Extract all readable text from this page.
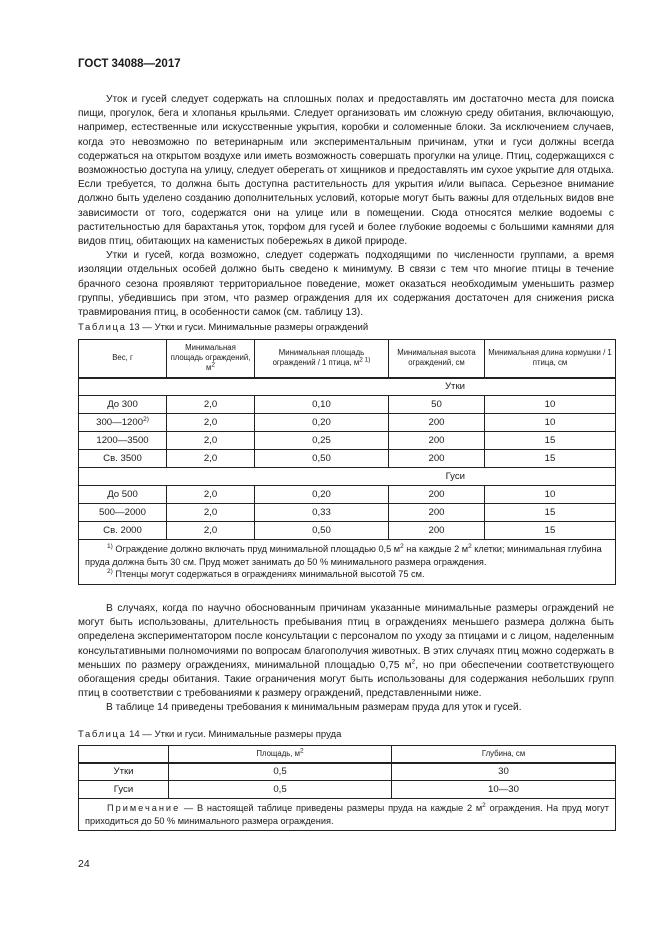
ГОСТ 34088—2017

Уток и гусей следует содержать на сплошных полах и предоставлять им достаточно места для поиска пищи, прогулок, бега и хлопанья крыльями. Следует организовать им сложную среду обитания, включающую, например, естественные или искусственные укрытия, коробки и соломенные блоки. За исключением случаев, когда это невозможно по ветеринарным или экспериментальным причинам, утки и гуси должны всегда содержаться на открытом воздухе или иметь возможность совершать прогулки на улице. Птиц, содержащихся с возможностью доступа на улицу, следует оберегать от хищников и предоставлять им сухое укрытие для отдыха. Если требуется, то должна быть доступна растительность для укрытия и/или выпаса. Серьезное внимание должно быть уделено созданию дополнительных условий, которые могут быть важны для отдельных видов вне зависимости от того, содержатся они на улице или в помещении. Сюда относятся мелкие водоемы с растительностью для барахтанья уток, торфом для гусей и более глубокие водоемы с большими камнями для видов птиц, обитающих на каменистых побережьях в дикой природе.

Утки и гусей, когда возможно, следует содержать подходящими по численности группами, а время изоляции отдельных особей должно быть сведено к минимуму. В связи с тем что многие птицы в течение брачного сезона проявляют территориальное поведение, может оказаться необходимым уменьшить размер группы, убедившись при этом, что размер ограждения для их содержания достаточен для снижения риска травмирования птиц, в особенности самок (см. таблицу 13).

Таблица 13 — Утки и гуси. Минимальные размеры ограждений
Вес, г	Минимальная площадь ограждений, $м^2$	Минимальная площадь ограждений / 1 птица, $м^{2 1)}$	Минимальная высота ограждений, см	Минимальная длина кормушки / 1 птица, см
Утки				
До 300	2,0	0,10	50	10
300—1200$^{2)}$	2,0	0,20	200	10
1200—3500	2,0	0,25	200	15
Св. 3500	2,0	0,50	200	15
Гуси				
До 500	2,0	0,20	200	10
500—2000	2,0	0,33	200	15
Св. 2000	2,0	0,50	200	15

$^{1)}$ Ограждение должно включать пруд минимальной площадью 0,5 $м^2$ на каждые 2 $м^2$ клетки; минимальная глубина пруда должна быть 30 см. Пруд может занимать до 50 % минимального размера ограждения.
$^{2)}$ Птенцы могут содержаться в ограждениях минимальной высотой 75 см.				

В случаях, когда по научно обоснованным причинам указанные минимальные размеры ограждений не могут быть использованы, длительность пребывания птиц в ограждениях меньшего размера должна быть определена экспериментатором после консультации с персоналом по уходу за птицами и с лицом, наделенным консультативными полномочиями по вопросам благополучия животных. В этих случаях птиц можно содержать в меньших по размеру ограждениях, минимальной площадью 0,75 $м^2$, но при обеспечении соответствующего обогащения среды обитания. Такие ограничения могут быть использованы для содержания небольших групп птиц в соответствии с требованиями к размеру ограждений, представленными ниже.

В таблице 14 приведены требования к минимальным размерам пруда для уток и гусей.

Таблица 14 — Утки и гуси. Минимальные размеры пруда
	Площадь, $м^2$	Глубина, см
Утки	0,5	30
Гуси	0,5	10—30
Примечание — В настоящей таблице приведены размеры пруда на каждые 2 $м^2$ ограждения. На пруд могут приходиться до 50 % минимального размера ограждения.		
24
